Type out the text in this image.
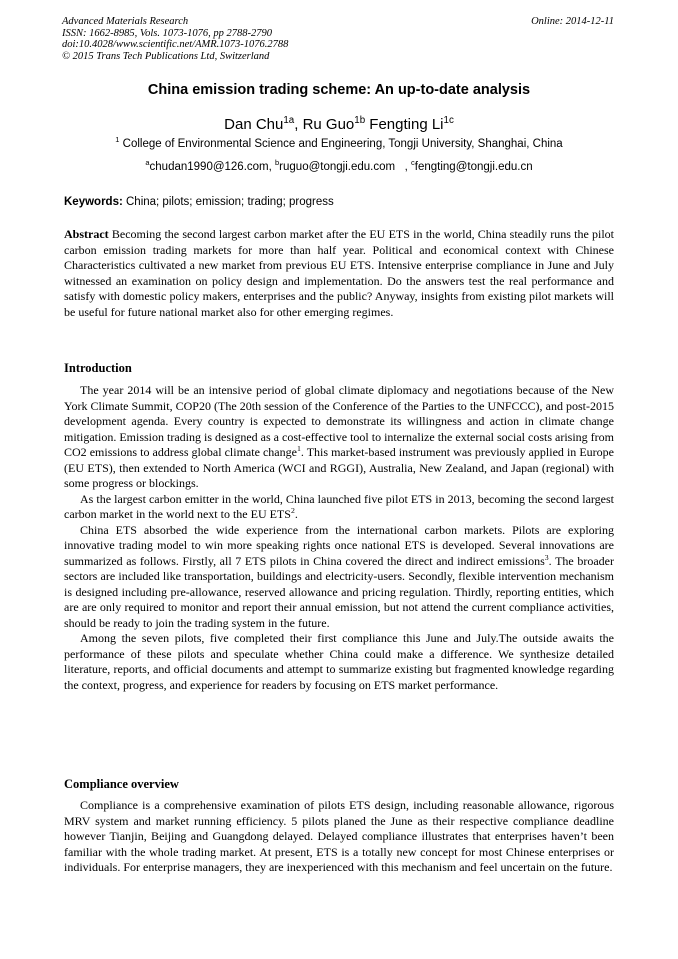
Advanced Materials Research
ISSN: 1662-8985, Vols. 1073-1076, pp 2788-2790
doi:10.4028/www.scientific.net/AMR.1073-1076.2788
© 2015 Trans Tech Publications Ltd, Switzerland
Online: 2014-12-11
China emission trading scheme: An up-to-date analysis
Dan Chu$^{1a}$, Ru Guo$^{1b}$ Fengting $Li^{1c}$
$^1$ College of Environmental Science and Engineering, Tongji University, Shanghai, China
$^a$chudan1990@126.com, $^b$ruguo@tongji.edu.com   , $^c$fengting@tongji.edu.cn
Keywords: China; pilots; emission; trading; progress

Abstract Becoming the second largest carbon market after the EU ETS in the world, China steadily runs the pilot carbon emission trading markets for more than half year. Political and economical context with Chinese Characteristics cultivated a new market from previous EU ETS. Intensive enterprise compliance in June and July witnessed an examination on policy design and implementation. Do the answers test the real performance and satisfy with domestic policy makers, enterprises and the public? Anyway, insights from existing pilot markets will be useful for future national market also for other emerging regimes.

Introduction

The year 2014 will be an intensive period of global climate diplomacy and negotiations because of the New York Climate Summit, COP20 (The 20th session of the Conference of the Parties to the UNFCCC), and post-2015 development agenda. Every country is expected to demonstrate its willingness and action in climate change mitigation. Emission trading is designed as a cost-effective tool to internalize the external social costs arising from CO2 emissions to address global climate change$^1$. This market-based instrument was previously applied in Europe (EU ETS), then extended to North America (WCI and RGGI), Australia, New Zealand, and Japan (regional) with some progress or blockings.

As the largest carbon emitter in the world, China launched five pilot ETS in 2013, becoming the second largest carbon market in the world next to the EU ETS$^2$.

China ETS absorbed the wide experience from the international carbon markets. Pilots are exploring innovative trading model to win more speaking rights once national ETS is developed. Several innovations are summarized as follows. Firstly, all 7 ETS pilots in China covered the direct and indirect emissions$^3$. The broader sectors are included like transportation, buildings and electricity-users. Secondly, flexible intervention mechanism is designed including pre-allowance, reserved allowance and pricing regulation. Thirdly, reporting entities, which are are only required to monitor and report their annual emission, but not attend the current compliance activities, should be ready to join the trading system in the future.

Among the seven pilots, five completed their first compliance this June and July.The outside awaits the performance of these pilots and speculate whether China could make a difference. We synthesize detailed literature, reports, and official documents and attempt to summarize existing but fragmented knowledge regarding the context, progress, and experience for readers by focusing on ETS market performance.

Compliance overview

Compliance is a comprehensive examination of pilots ETS design, including reasonable allowance, rigorous MRV system and market running efficiency. 5 pilots planed the June as their respective compliance deadline however Tianjin, Beijing and Guangdong delayed. Delayed compliance illustrates that enterprises haven’t been familiar with the whole trading market. At present, ETS is a totally new concept for most Chinese enterprises or individuals. For enterprise managers, they are inexperienced with this mechanism and feel uncertain on the future.
